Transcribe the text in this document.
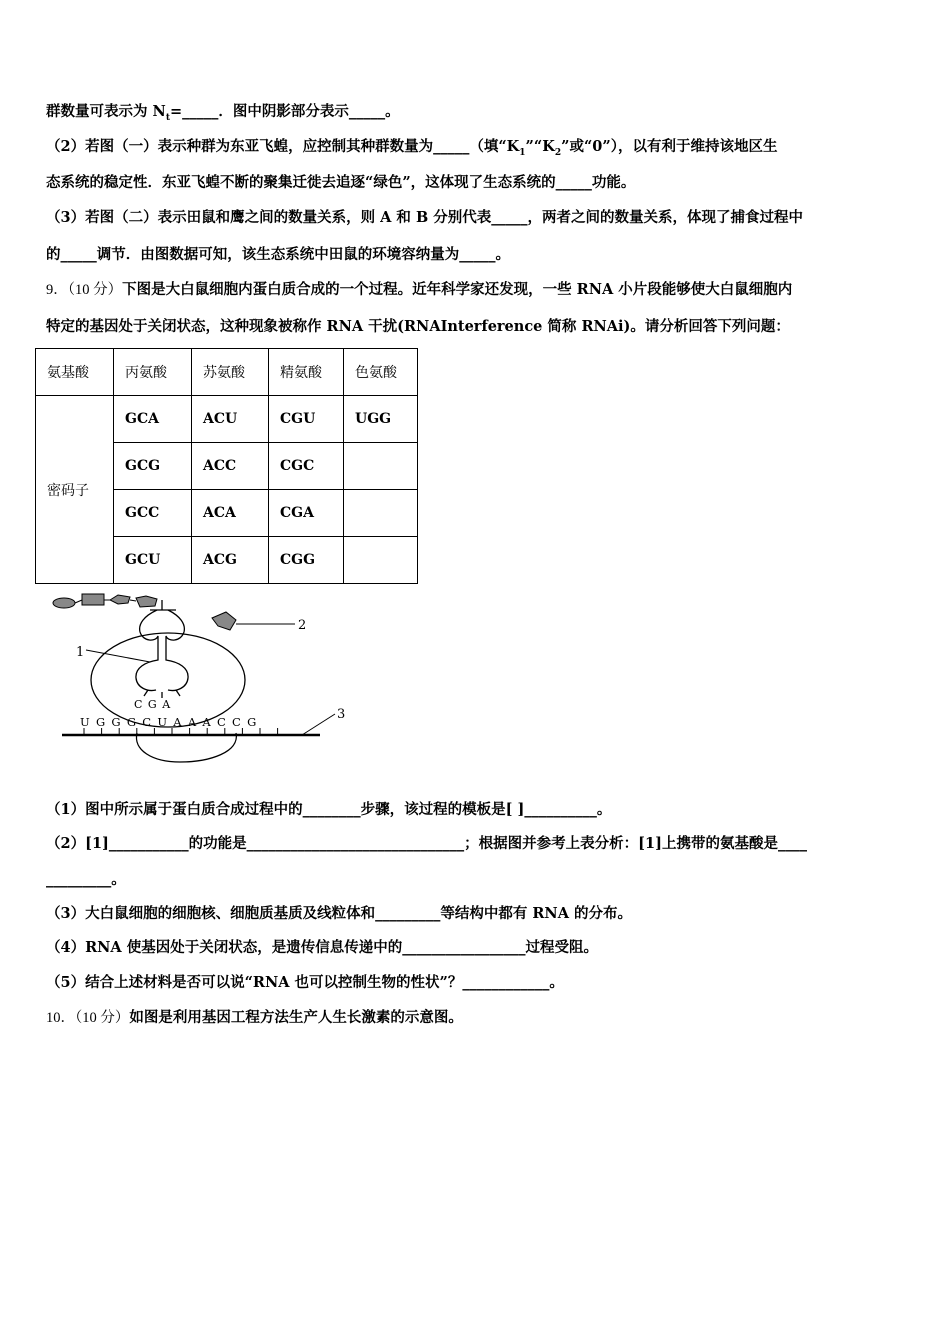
群数量可表示为 $N_t=\_\_\_\_\_$．图中阴影部分表示_____。
（2）若图（一）表示种群为东亚飞蝗，应控制其种群数量为_____（填“$K_1”“K_2$”或“0”），以有利于维持该地区生
态系统的稳定性．东亚飞蝗不断的聚集迁徙去追逐“绿色”，这体现了生态系统的_____功能。
（3）若图（二）表示田鼠和鹰之间的数量关系，则 A 和 B 分别代表_____，两者之间的数量关系，体现了捕食过程中
的_____调节．由图数据可知，该生态系统中田鼠的环境容纳量为_____。
9．（10 分）下图是大白鼠细胞内蛋白质合成的一个过程。近年科学家还发现，一些 RNA 小片段能够使大白鼠细胞内
特定的基因处于关闭状态，这种现象被称作 RNA 干扰(RNAInterference 简称 RNAi)。请分析回答下列问题：
氨基酸	丙氨酸	苏氨酸	精氨酸	色氨酸
密码子	GCA	ACU	CGU	UGG
	GCG	ACC	CGC	
	GCC	ACA	CGA	
	GCU	ACG	CGG	
2
1
C G A
U G G G C U A A A C C G	3
（1）图中所示属于蛋白质合成过程中的________步骤，该过程的模板是[ ]__________。
（2）[1]___________的功能是______________________________；根据图并参考上表分析：[1]上携带的氨基酸是____
_________。
（3）大白鼠细胞的细胞核、细胞质基质及线粒体和_________等结构中都有 RNA 的分布。
（4）RNA 使基因处于关闭状态，是遗传信息传递中的_________________过程受阻。
（5）结合上述材料是否可以说“RNA 也可以控制生物的性状”？____________。
10．（10 分）如图是利用基因工程方法生产人生长激素的示意图。
